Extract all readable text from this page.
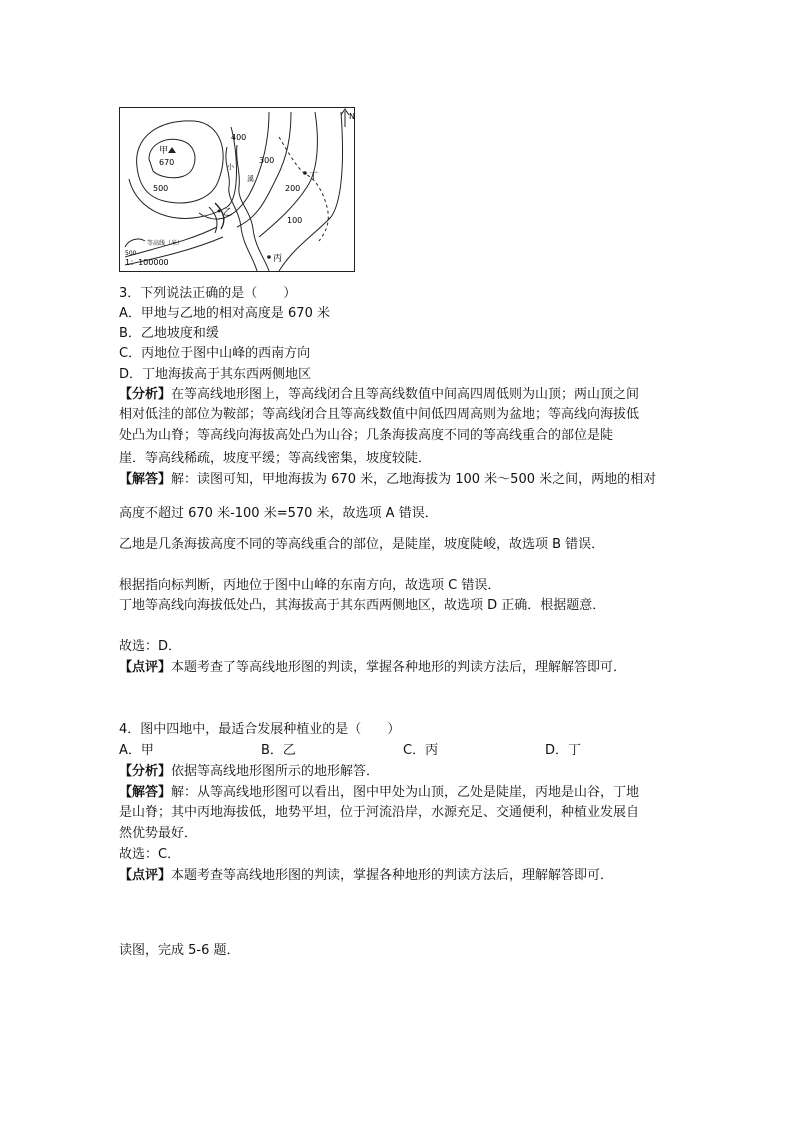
N
甲
670
400
500
300
200
100
小
溪
乙
丙
丁
等高线（米）
500
1：100000
3．下列说法正确的是（　　）
A．甲地与乙地的相对高度是 670 米
B．乙地坡度和缓
C．丙地位于图中山峰的西南方向
D．丁地海拔高于其东西两侧地区
【分析】在等高线地形图上，等高线闭合且等高线数值中间高四周低则为山顶；两山顶之间
相对低洼的部位为鞍部；等高线闭合且等高线数值中间低四周高则为盆地；等高线向海拔低
处凸为山脊；等高线向海拔高处凸为山谷；几条海拔高度不同的等高线重合的部位是陡
崖．等高线稀疏，坡度平缓；等高线密集，坡度较陡．
【解答】解：读图可知，甲地海拔为 670 米，乙地海拔为 100 米～500 米之间，两地的相对
高度不超过 670 米-100 米=570 米，故选项 A 错误．
乙地是几条海拔高度不同的等高线重合的部位，是陡崖，坡度陡峻，故选项 B 错误．
根据指向标判断，丙地位于图中山峰的东南方向，故选项 C 错误．
丁地等高线向海拔低处凸，其海拔高于其东西两侧地区，故选项 D 正确．根据题意．
故选：D．
【点评】本题考查了等高线地形图的判读，掌握各种地形的判读方法后，理解解答即可．
4．图中四地中，最适合发展种植业的是（　　）
A．甲	B．乙	C．丙	D．丁
【分析】依据等高线地形图所示的地形解答．
【解答】解：从等高线地形图可以看出，图中甲处为山顶，乙处是陡崖，丙地是山谷，丁地
是山脊；其中丙地海拔低，地势平坦，位于河流沿岸，水源充足、交通便利，种植业发展自
然优势最好．
故选：C．
【点评】本题考查等高线地形图的判读，掌握各种地形的判读方法后，理解解答即可．
读图，完成 5-6 题．
